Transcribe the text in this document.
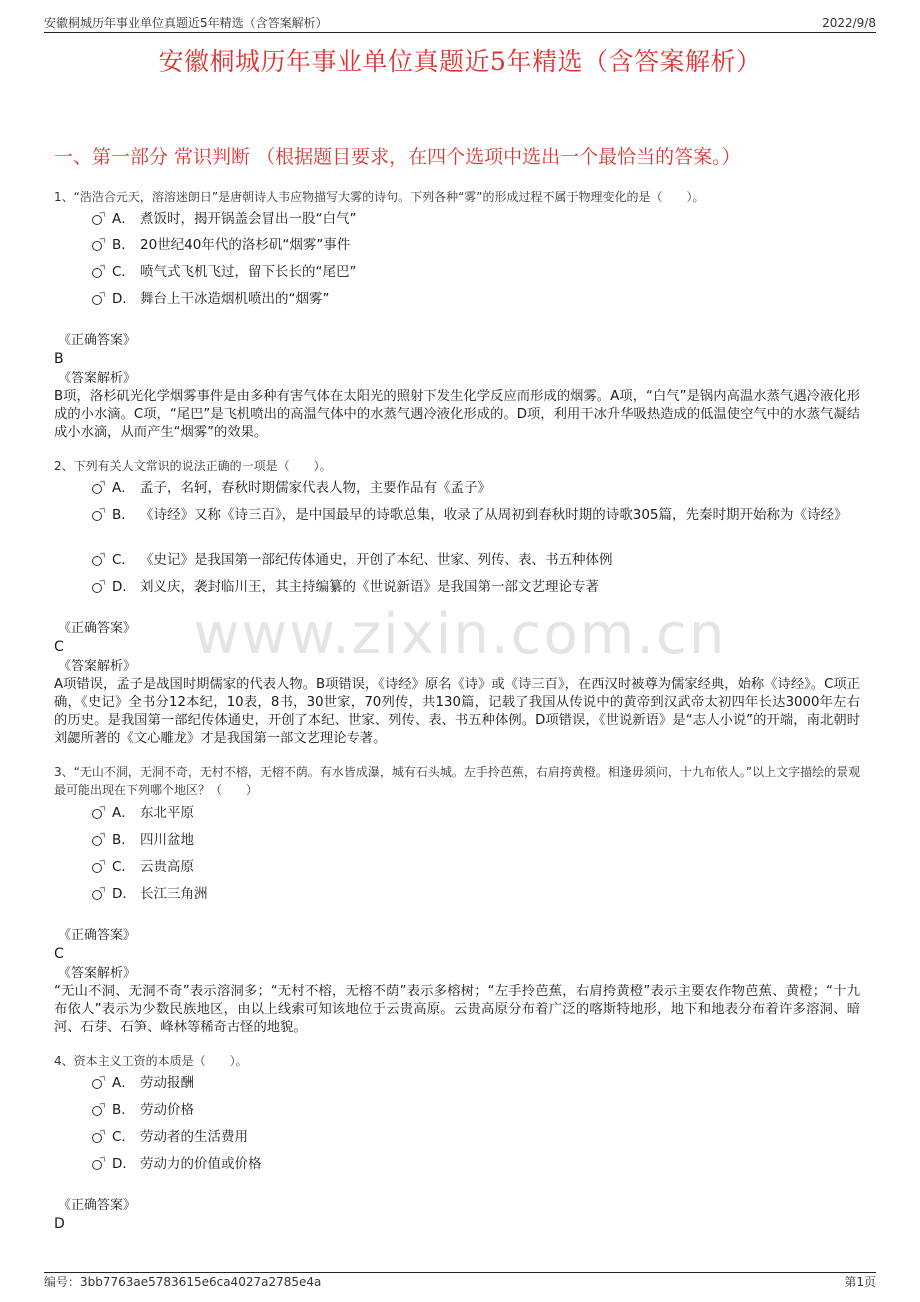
安徽桐城历年事业单位真题近5年精选（含答案解析）	2022/9/8
安徽桐城历年事业单位真题近5年精选（含答案解析）
一、第一部分 常识判断 （根据题目要求，在四个选项中选出一个最恰当的答案。）
www.zixin.com.cn
1、“浩浩合元天，溶溶迷朗日”是唐朝诗人韦应物描写大雾的诗句。下列各种“雾”的形成过程不属于物理变化的是（　　）。
A． 煮饭时，揭开锅盖会冒出一股“白气”
B． 20世纪40年代的洛杉矶“烟雾”事件
C． 喷气式飞机飞过，留下长长的“尾巴”
D． 舞台上干冰造烟机喷出的“烟雾”
《正确答案》
B
《答案解析》
B项，洛杉矶光化学烟雾事件是由多种有害气体在太阳光的照射下发生化学反应而形成的烟雾。A项，“白气”是锅内高温水蒸气遇冷液化形成的小水滴。C项，“尾巴”是飞机喷出的高温气体中的水蒸气遇冷液化形成的。D项，利用干冰升华吸热造成的低温使空气中的水蒸气凝结成小水滴，从而产生“烟雾”的效果。
2、下列有关人文常识的说法正确的一项是（　　）。
A． 孟子，名轲，春秋时期儒家代表人物，主要作品有《孟子》
B． 《诗经》又称《诗三百》，是中国最早的诗歌总集，收录了从周初到春秋时期的诗歌305篇，先秦时期开始称为《诗经》
C． 《史记》是我国第一部纪传体通史，开创了本纪、世家、列传、表、书五种体例
D． 刘义庆，袭封临川王，其主持编纂的《世说新语》是我国第一部文艺理论专著
《正确答案》
C
《答案解析》
A项错误，孟子是战国时期儒家的代表人物。B项错误，《诗经》原名《诗》或《诗三百》，在西汉时被尊为儒家经典，始称《诗经》。C项正确，《史记》全书分12本纪，10表，8书，30世家，70列传，共130篇，记载了我国从传说中的黄帝到汉武帝太初四年长达3000年左右的历史。是我国第一部纪传体通史，开创了本纪、世家、列传、表、书五种体例。D项错误，《世说新语》是“志人小说”的开端，南北朝时刘勰所著的《文心雕龙》才是我国第一部文艺理论专著。
3、“无山不洞，无洞不奇，无村不榕，无榕不荫。有水皆成瀑，城有石头城。左手拎芭蕉，右肩挎黄橙。相逢毋须问，十九布依人。”以上文字描绘的景观最可能出现在下列哪个地区？（　　）
A． 东北平原
B． 四川盆地
C． 云贵高原
D． 长江三角洲
《正确答案》
C
《答案解析》
“无山不洞、无洞不奇”表示溶洞多；“无村不榕，无榕不荫”表示多榕树；“左手拎芭蕉，右肩挎黄橙”表示主要农作物芭蕉、黄橙；“十九布依人”表示为少数民族地区，由以上线索可知该地位于云贵高原。云贵高原分布着广泛的喀斯特地形，地下和地表分布着许多溶洞、暗河、石芽、石笋、峰林等稀奇古怪的地貌。
4、资本主义工资的本质是（　　）。
A． 劳动报酬
B． 劳动价格
C． 劳动者的生活费用
D． 劳动力的价值或价格
《正确答案》
D
编号：3bb7763ae5783615e6ca4027a2785e4a	第1页
